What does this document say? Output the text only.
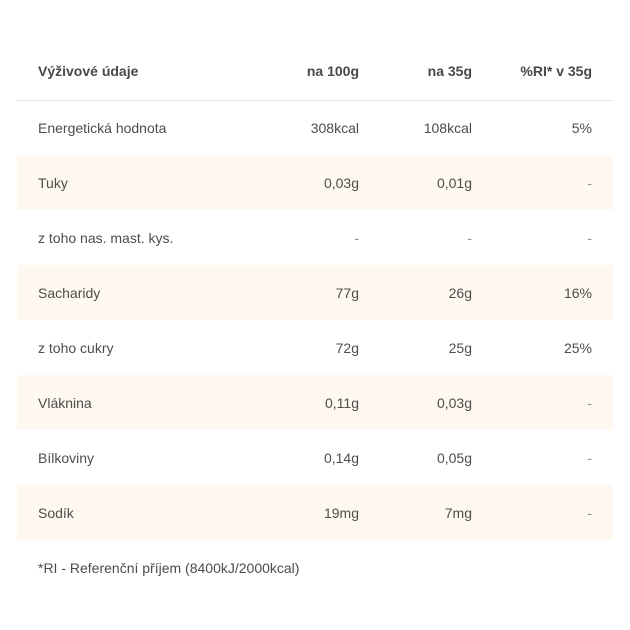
Výživové údaje	na 100g	na 35g	%RI* v 35g
Energetická hodnota	308kcal	108kcal	5%
Tuky	0,03g	0,01g	-
z toho nas. mast. kys.	-	-	-
Sacharidy	77g	26g	16%
z toho cukry	72g	25g	25%
Vláknina	0,11g	0,03g	-
Bílkoviny	0,14g	0,05g	-
Sodík	19mg	7mg	-
*RI - Referenční příjem (8400kJ/2000kcal)
